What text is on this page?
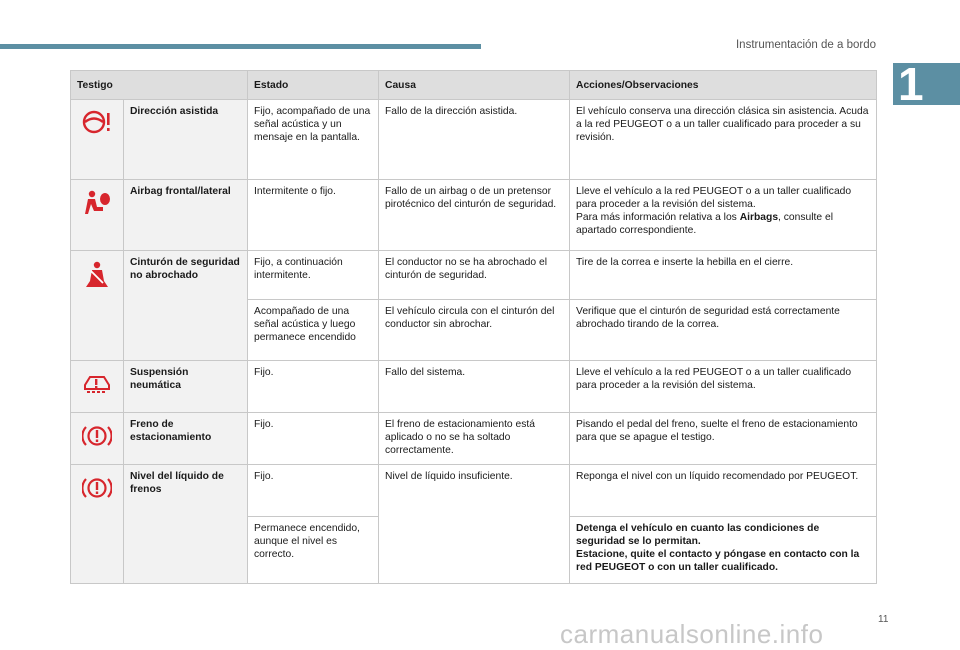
Instrumentación de a bordo
1
Testigo		Estado	Causa	Acciones/Observaciones

	Dirección asistida	Fijo, acompañado de una señal acústica y un mensaje en la pantalla.	Fallo de la dirección asistida.	El vehículo conserva una dirección clásica sin asistencia. Acuda a la red PEUGEOT o a un taller cualificado para proceder a su revisión.

	Airbag frontal/lateral	Intermitente o fijo.	Fallo de un airbag o de un pretensor pirotécnico del cinturón de seguridad.	Lleve el vehículo a la red PEUGEOT o a un taller cualificado para proceder a la revisión del sistema.
Para más información relativa a los Airbags, consulte el apartado correspondiente.

	Cinturón de seguridad no abrochado	Fijo, a continuación intermitente.	El conductor no se ha abrochado el cinturón de seguridad.	Tire de la correa e inserte la hebilla en el cierre.
		Acompañado de una señal acústica y luego permanece encendido	El vehículo circula con el cinturón del conductor sin abrochar.	Verifique que el cinturón de seguridad está correctamente abrochado tirando de la correa.

	Suspensión neumática	Fijo.	Fallo del sistema.	Lleve el vehículo a la red PEUGEOT o a un taller cualificado para proceder a la revisión del sistema.

	Freno de estacionamiento	Fijo.	El freno de estacionamiento está aplicado o no se ha soltado correctamente.	Pisando el pedal del freno, suelte el freno de estacionamiento para que se apague el testigo.

	Nivel del líquido de frenos	Fijo.	Nivel de líquido insuficiente.	Reponga el nivel con un líquido recomendado por PEUGEOT.
		Permanece encendido, aunque el nivel es correcto.		Detenga el vehículo en cuanto las condiciones de seguridad se lo permitan.
Estacione, quite el contacto y póngase en contacto con la red PEUGEOT o con un taller cualificado.
11
carmanualsonline.info
